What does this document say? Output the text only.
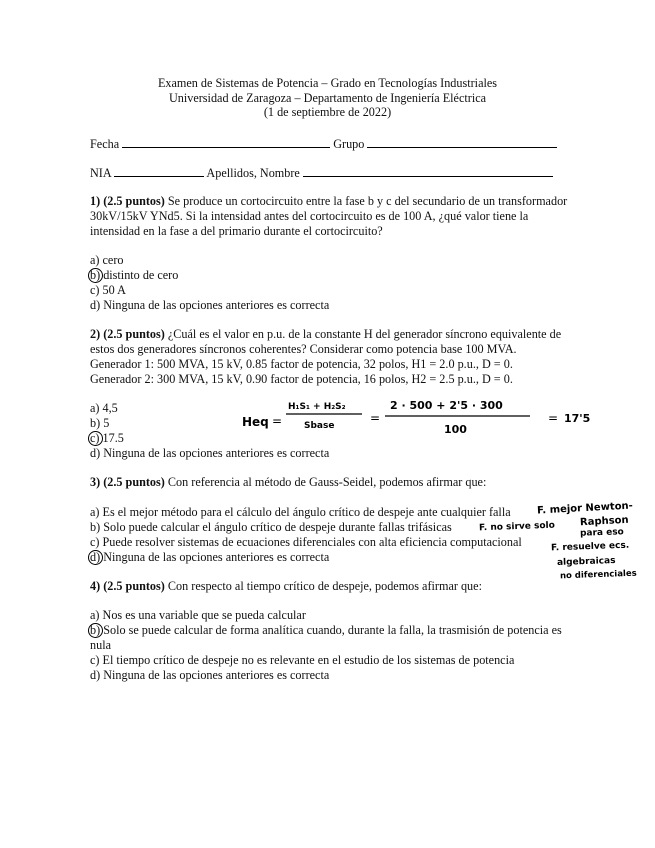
Examen de Sistemas de Potencia – Grado en Tecnologías Industriales
Universidad de Zaragoza – Departamento de Ingeniería Eléctrica
(1 de septiembre de 2022)
Fecha	Grupo
NIA	Apellidos, Nombre
1) (2.5 puntos) Se produce un cortocircuito entre la fase b y c del secundario de un transformador 30kV/15kV YNd5. Si la intensidad antes del cortocircuito es de 100 A, ¿qué valor tiene la intensidad en la fase a del primario durante el cortocircuito?
a) cero
b) distinto de cero
c) 50 A
d) Ninguna de las opciones anteriores es correcta
2) (2.5 puntos) ¿Cuál es el valor en p.u. de la constante H del generador síncrono equivalente de estos dos generadores síncronos coherentes? Considerar como potencia base 100 MVA.
Generador 1: 500 MVA, 15 kV, 0.85 factor de potencia, 32 polos, H1 = 2.0 p.u., D = 0.
Generador 2: 300 MVA, 15 kV, 0.90 factor de potencia, 16 polos, H2 = 2.5 p.u., D = 0.
a) 4,5
b) 5
c) 17.5
d) Ninguna de las opciones anteriores es correcta
Heq =
H₁S₁ + H₂S₂
Sbase
=
2 · 500 + 2'5 · 300
100
= 17'5
3) (2.5 puntos) Con referencia al método de Gauss-Seidel, podemos afirmar que:
a) Es el mejor método para el cálculo del ángulo crítico de despeje ante cualquier falla
b) Solo puede calcular el ángulo crítico de despeje durante fallas trifásicas
c) Puede resolver sistemas de ecuaciones diferenciales con alta eficiencia computacional
d) Ninguna de las opciones anteriores es correcta
F. mejor Newton-
Raphson
F. no sirve solo	para eso
F. resuelve ecs.
algebraicas
no diferenciales
4) (2.5 puntos) Con respecto al tiempo crítico de despeje, podemos afirmar que:
a) Nos es una variable que se pueda calcular
b) Solo se puede calcular de forma analítica cuando, durante la falla, la trasmisión de potencia es nula
c) El tiempo crítico de despeje no es relevante en el estudio de los sistemas de potencia
d) Ninguna de las opciones anteriores es correcta
